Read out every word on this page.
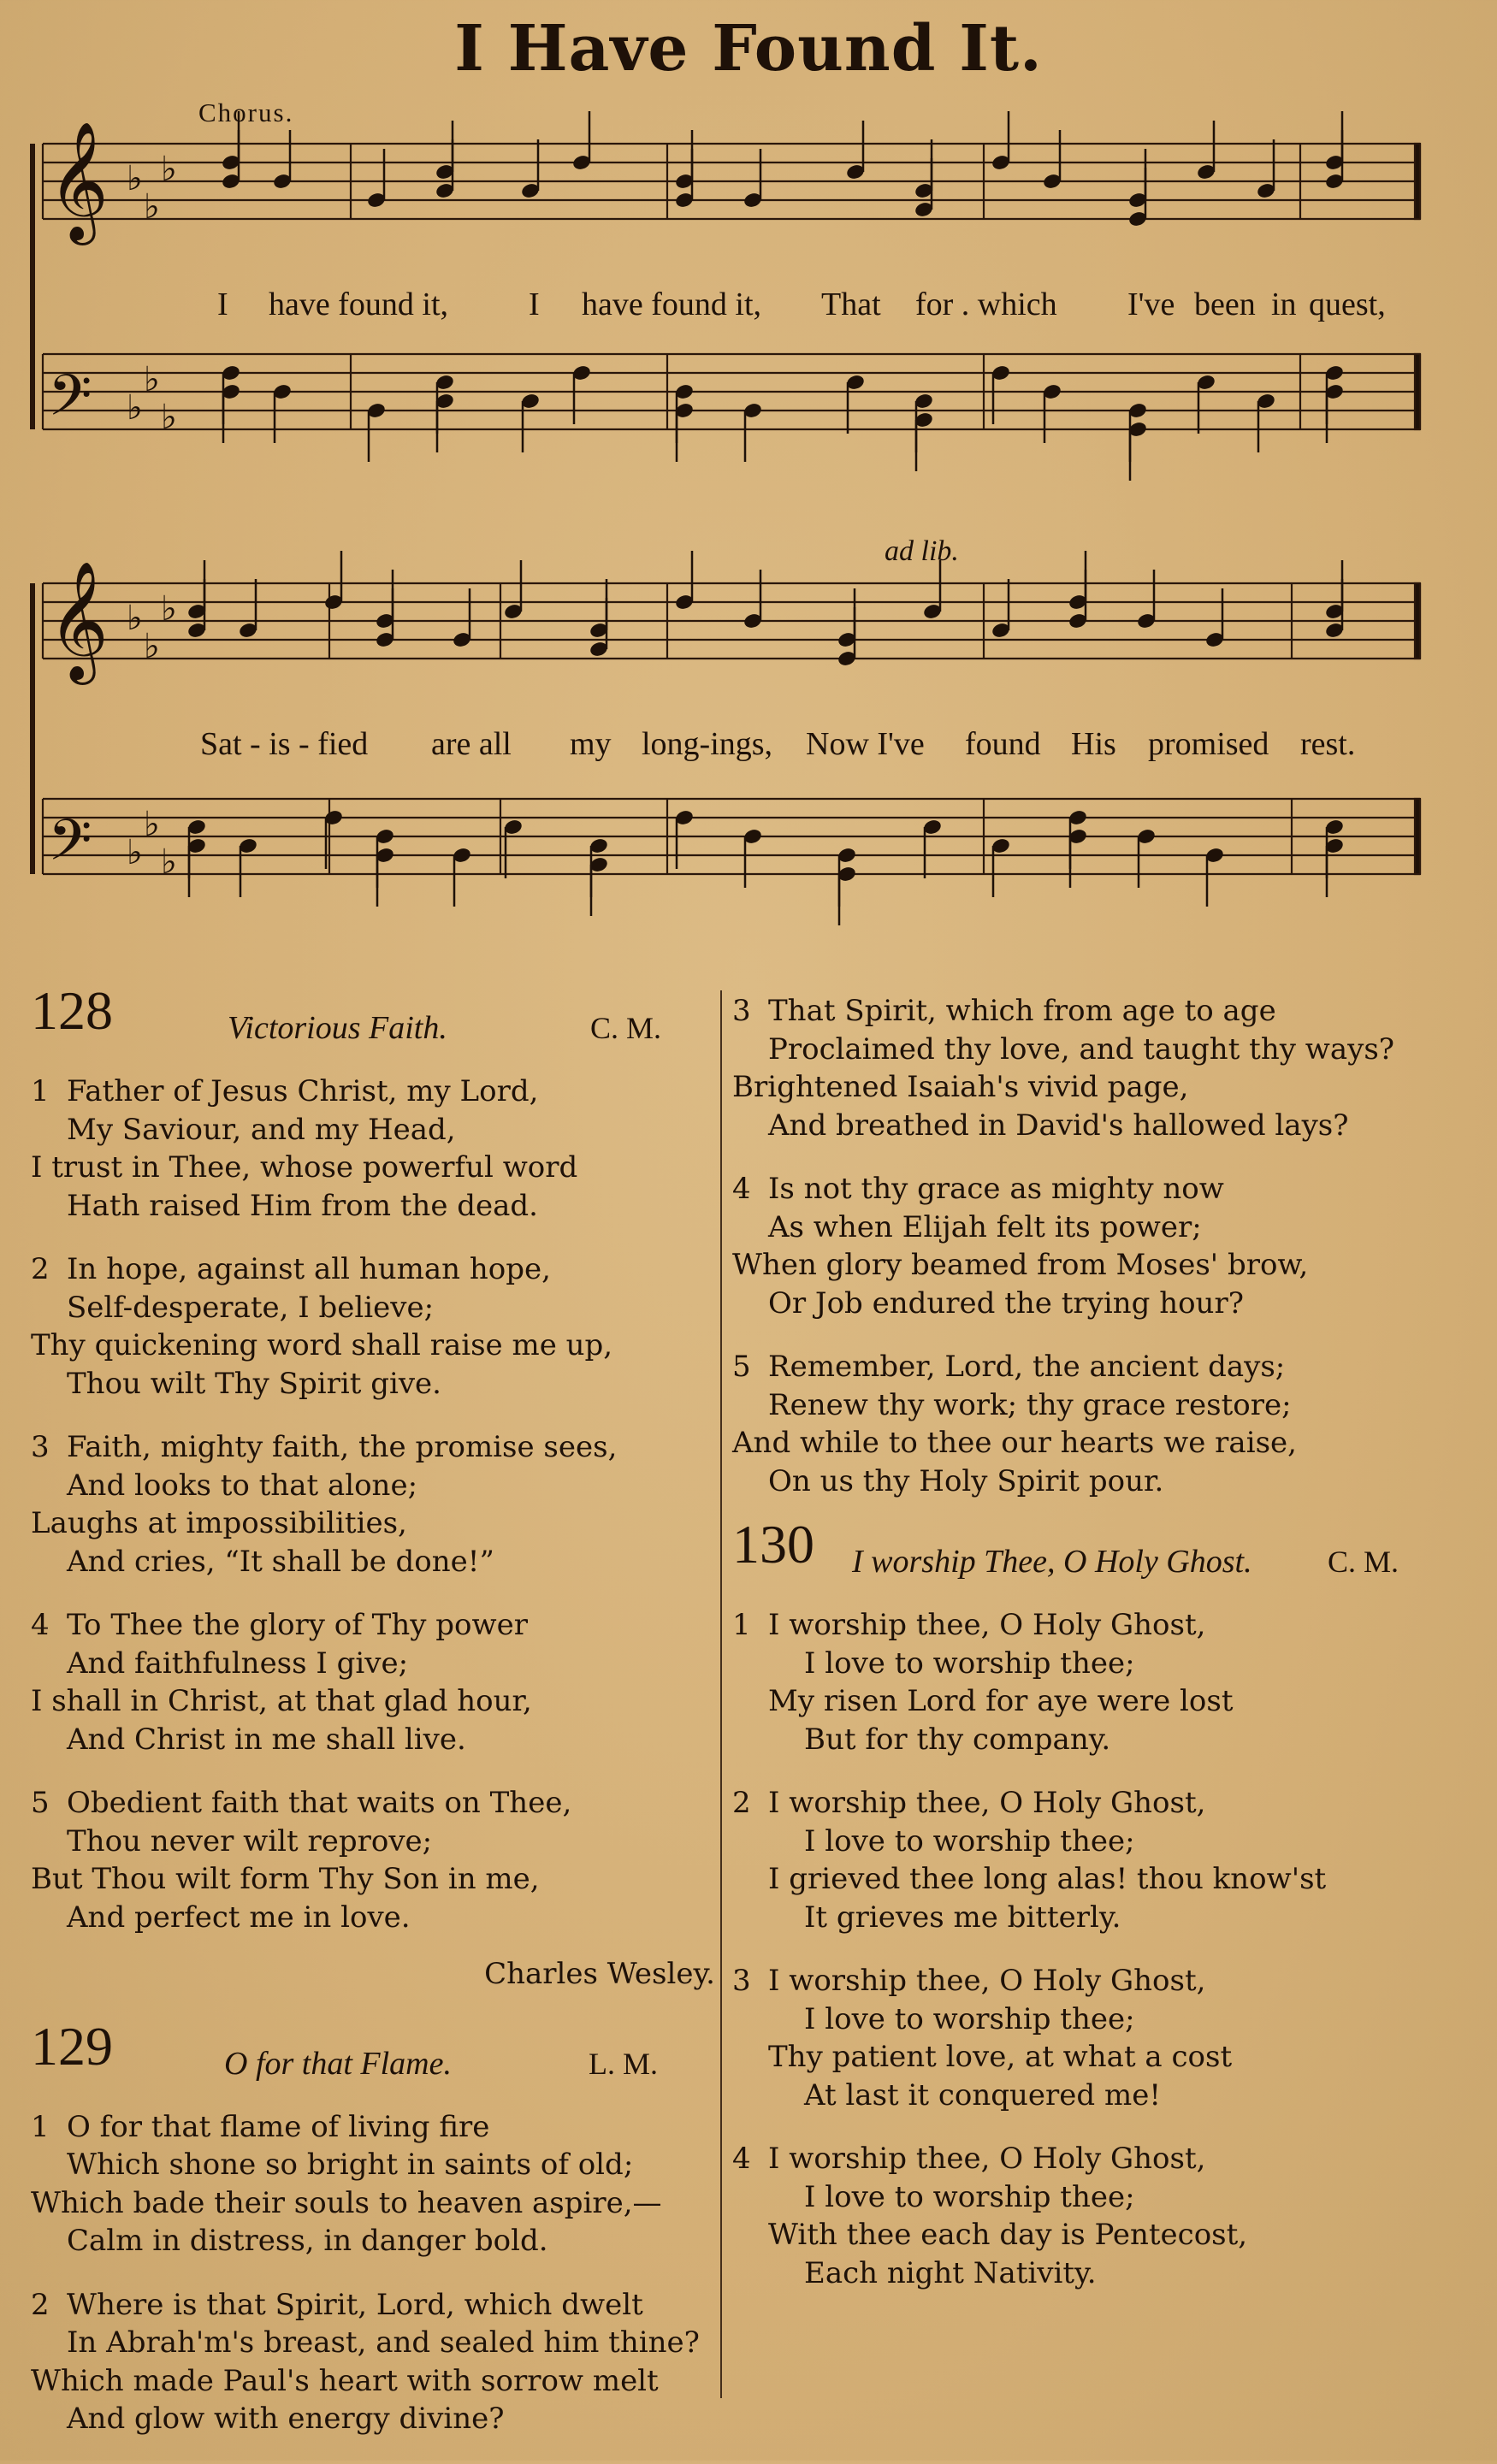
I Have Found It.
Chorus.
ad lib.
𝄞 ♭
♭
♭
𝄢 ♭
♭
♭
𝄞 ♭
♭
♭
𝄢 ♭
♭
♭
I have found it, I have found it, That for . which I've been in quest,
Sat - is - fied are all my long-ings, Now I've found His promised rest.
128	Victorious Faith.	C. M.
1 Father of Jesus Christ, my Lord,
My Saviour, and my Head,
I trust in Thee, whose powerful word
Hath raised Him from the dead.
2 In hope, against all human hope,
Self-desperate, I believe;
Thy quickening word shall raise me up,
Thou wilt Thy Spirit give.
3 Faith, mighty faith, the promise sees,
And looks to that alone;
Laughs at impossibilities,
And cries, “It shall be done!”
4 To Thee the glory of Thy power
And faithfulness I give;
I shall in Christ, at that glad hour,
And Christ in me shall live.
5 Obedient faith that waits on Thee,
Thou never wilt reprove;
But Thou wilt form Thy Son in me,
And perfect me in love.
Charles Wesley.
129	O for that Flame.	L. M.
1 O for that flame of living fire
Which shone so bright in saints of old;
Which bade their souls to heaven aspire,—
Calm in distress, in danger bold.
2 Where is that Spirit, Lord, which dwelt
In Abrah'm's breast, and sealed him thine?
Which made Paul's heart with sorrow melt
And glow with energy divine?
3 That Spirit, which from age to age
Proclaimed thy love, and taught thy ways?
Brightened Isaiah's vivid page,
And breathed in David's hallowed lays?
4 Is not thy grace as mighty now
As when Elijah felt its power;
When glory beamed from Moses' brow,
Or Job endured the trying hour?
5 Remember, Lord, the ancient days;
Renew thy work; thy grace restore;
And while to thee our hearts we raise,
On us thy Holy Spirit pour.
130 I worship Thee, O Holy Ghost. C. M.
1 I worship thee, O Holy Ghost,
I love to worship thee;
My risen Lord for aye were lost
But for thy company.
2 I worship thee, O Holy Ghost,
I love to worship thee;
I grieved thee long alas! thou know'st
It grieves me bitterly.
3 I worship thee, O Holy Ghost,
I love to worship thee;
Thy patient love, at what a cost
At last it conquered me!
4 I worship thee, O Holy Ghost,
I love to worship thee;
With thee each day is Pentecost,
Each night Nativity.
